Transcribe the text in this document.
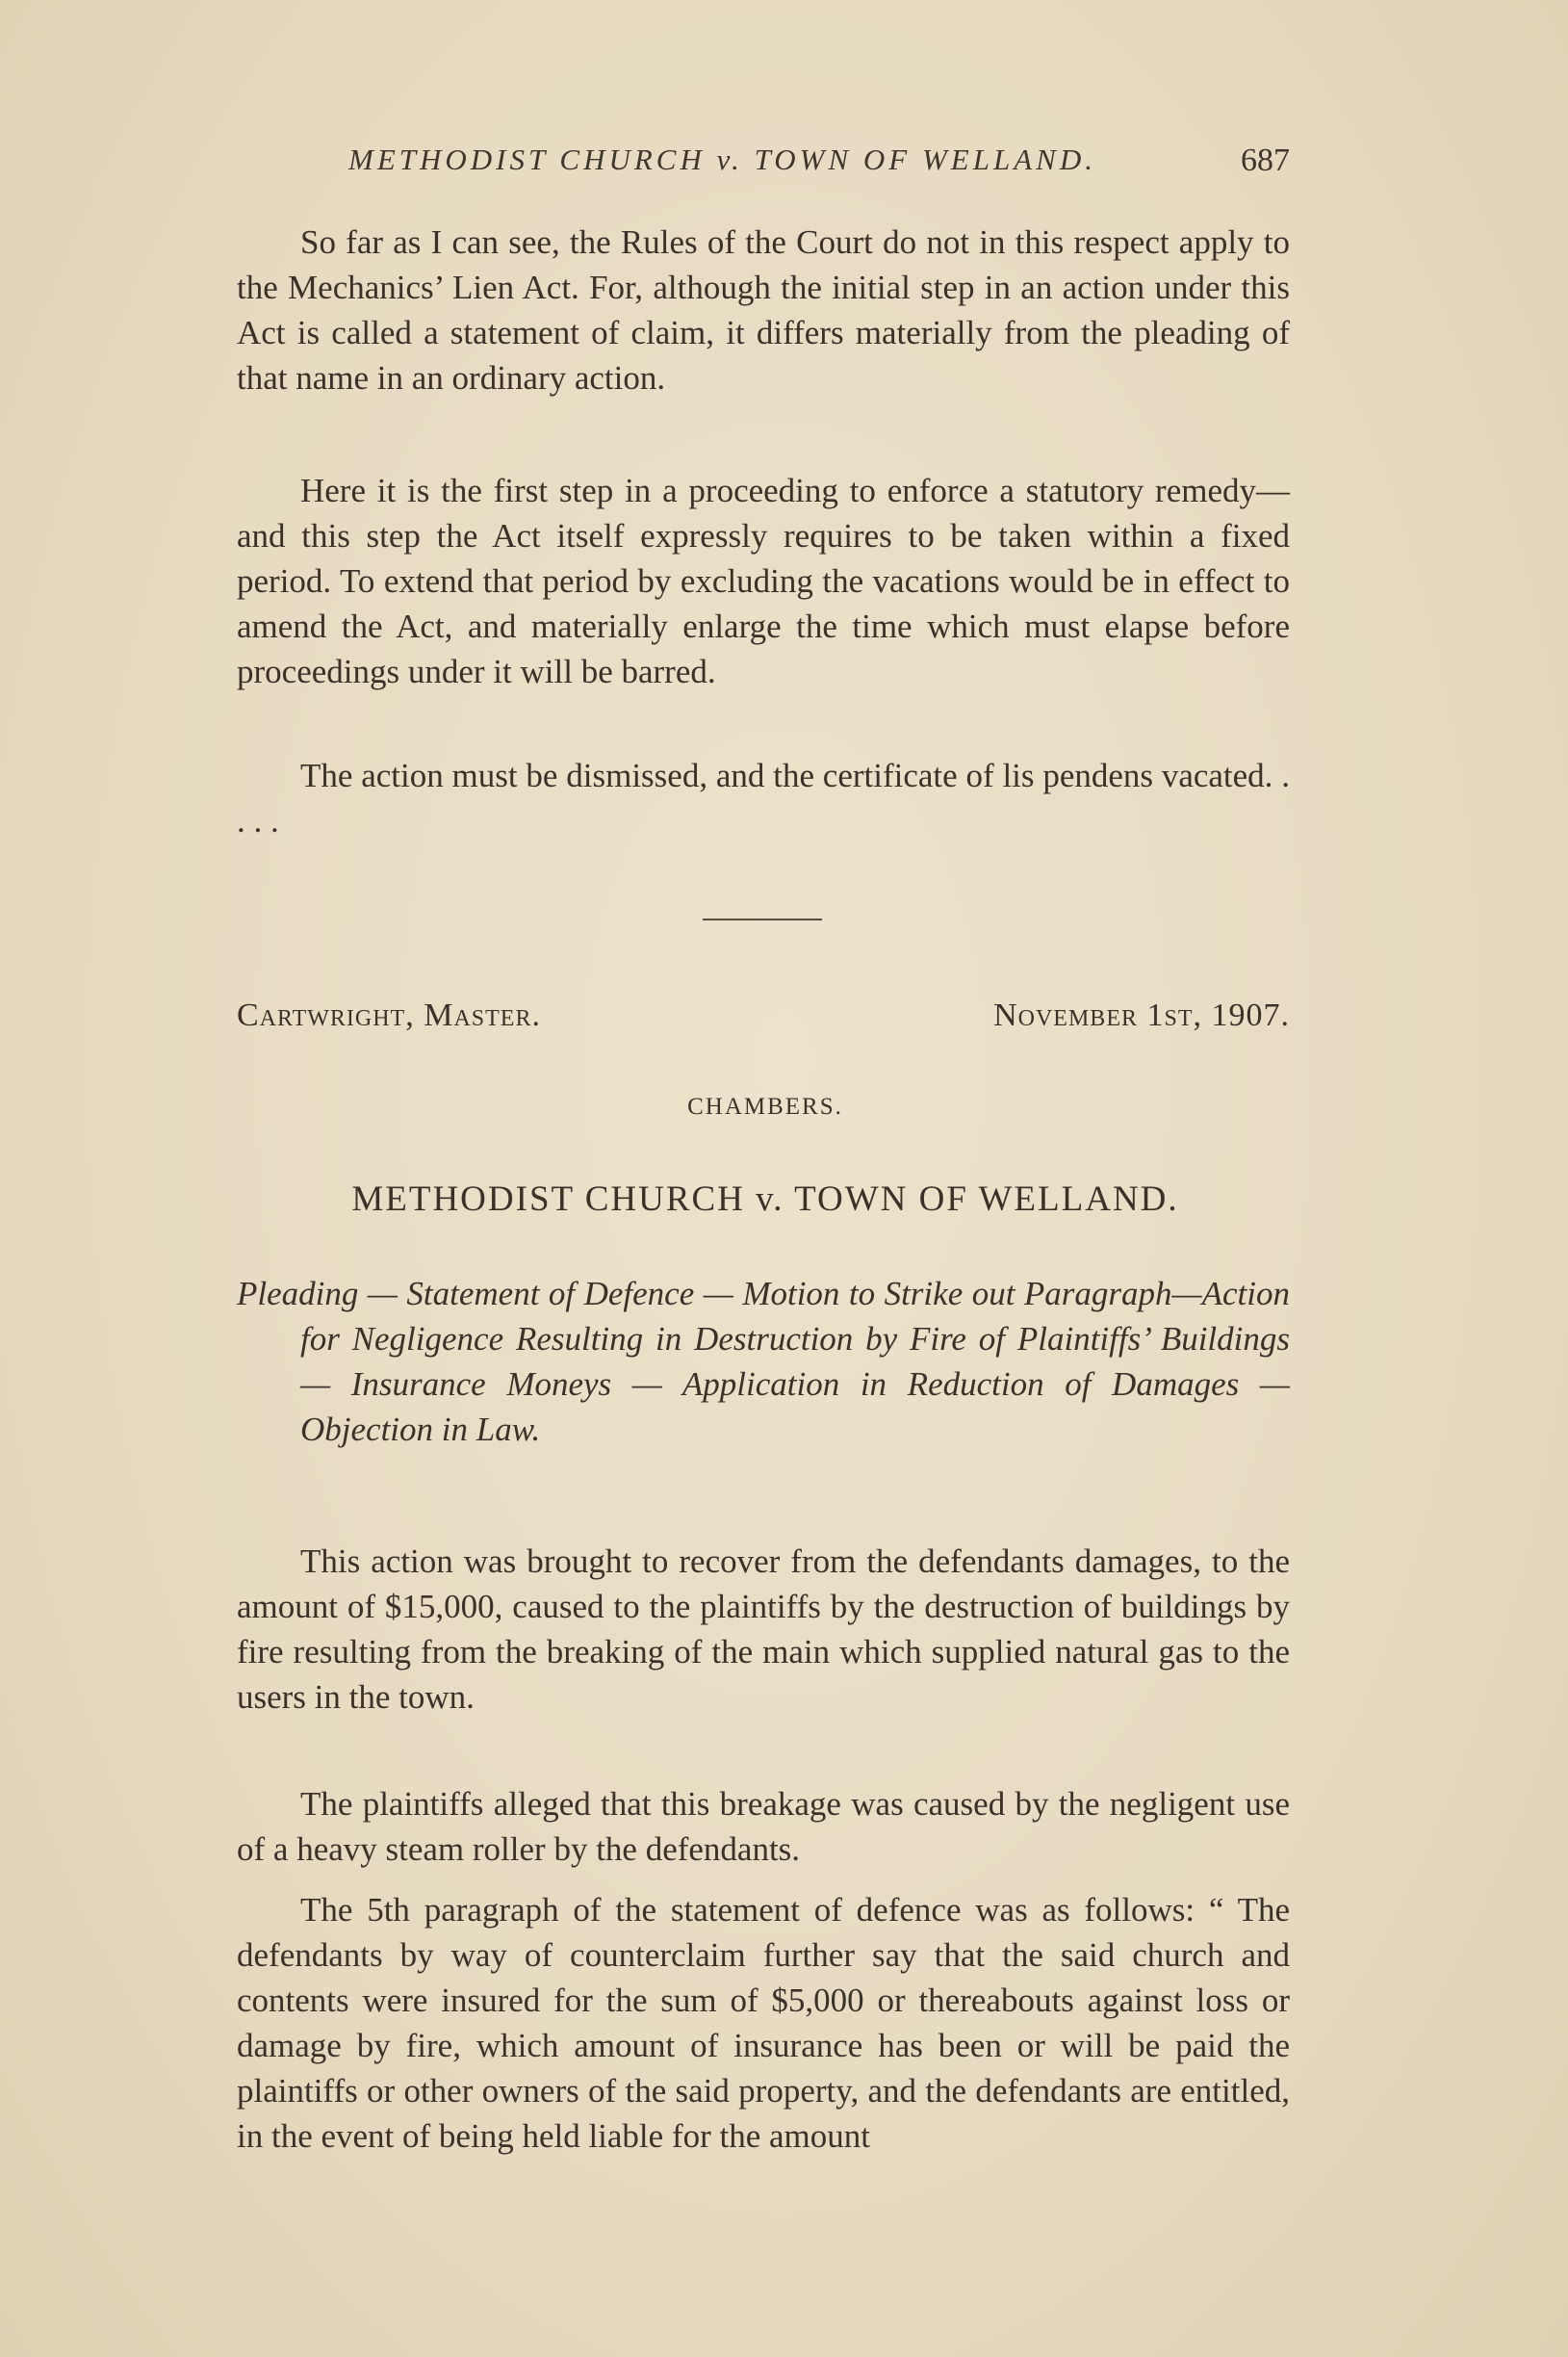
METHODIST CHURCH v. TOWN OF WELLAND.	687

So far as I can see, the Rules of the Court do not in this respect apply to the Mechanics’ Lien Act. For, although the initial step in an action under this Act is called a statement of claim, it differs materially from the pleading of that name in an ordinary action.

Here it is the first step in a proceeding to enforce a statutory remedy—and this step the Act itself expressly requires to be taken within a fixed period. To extend that period by excluding the vacations would be in effect to amend the Act, and materially enlarge the time which must elapse before proceedings under it will be barred.

The action must be dismissed, and the certificate of lis pendens vacated. . . . .

Cartwright, Master.	November 1st, 1907.
CHAMBERS.
METHODIST CHURCH v. TOWN OF WELLAND.

Pleading — Statement of Defence — Motion to Strike out Paragraph—Action for Negligence Resulting in Destruction by Fire of Plaintiffs’ Buildings — Insurance Moneys — Application in Reduction of Damages — Objection in Law.

This action was brought to recover from the defendants damages, to the amount of $15,000, caused to the plaintiffs by the destruction of buildings by fire resulting from the breaking of the main which supplied natural gas to the users in the town.

The plaintiffs alleged that this breakage was caused by the negligent use of a heavy steam roller by the defendants.

The 5th paragraph of the statement of defence was as follows: “ The defendants by way of counterclaim further say that the said church and contents were insured for the sum of $5,000 or thereabouts against loss or damage by fire, which amount of insurance has been or will be paid the plaintiffs or other owners of the said property, and the defendants are entitled, in the event of being held liable for the amount
